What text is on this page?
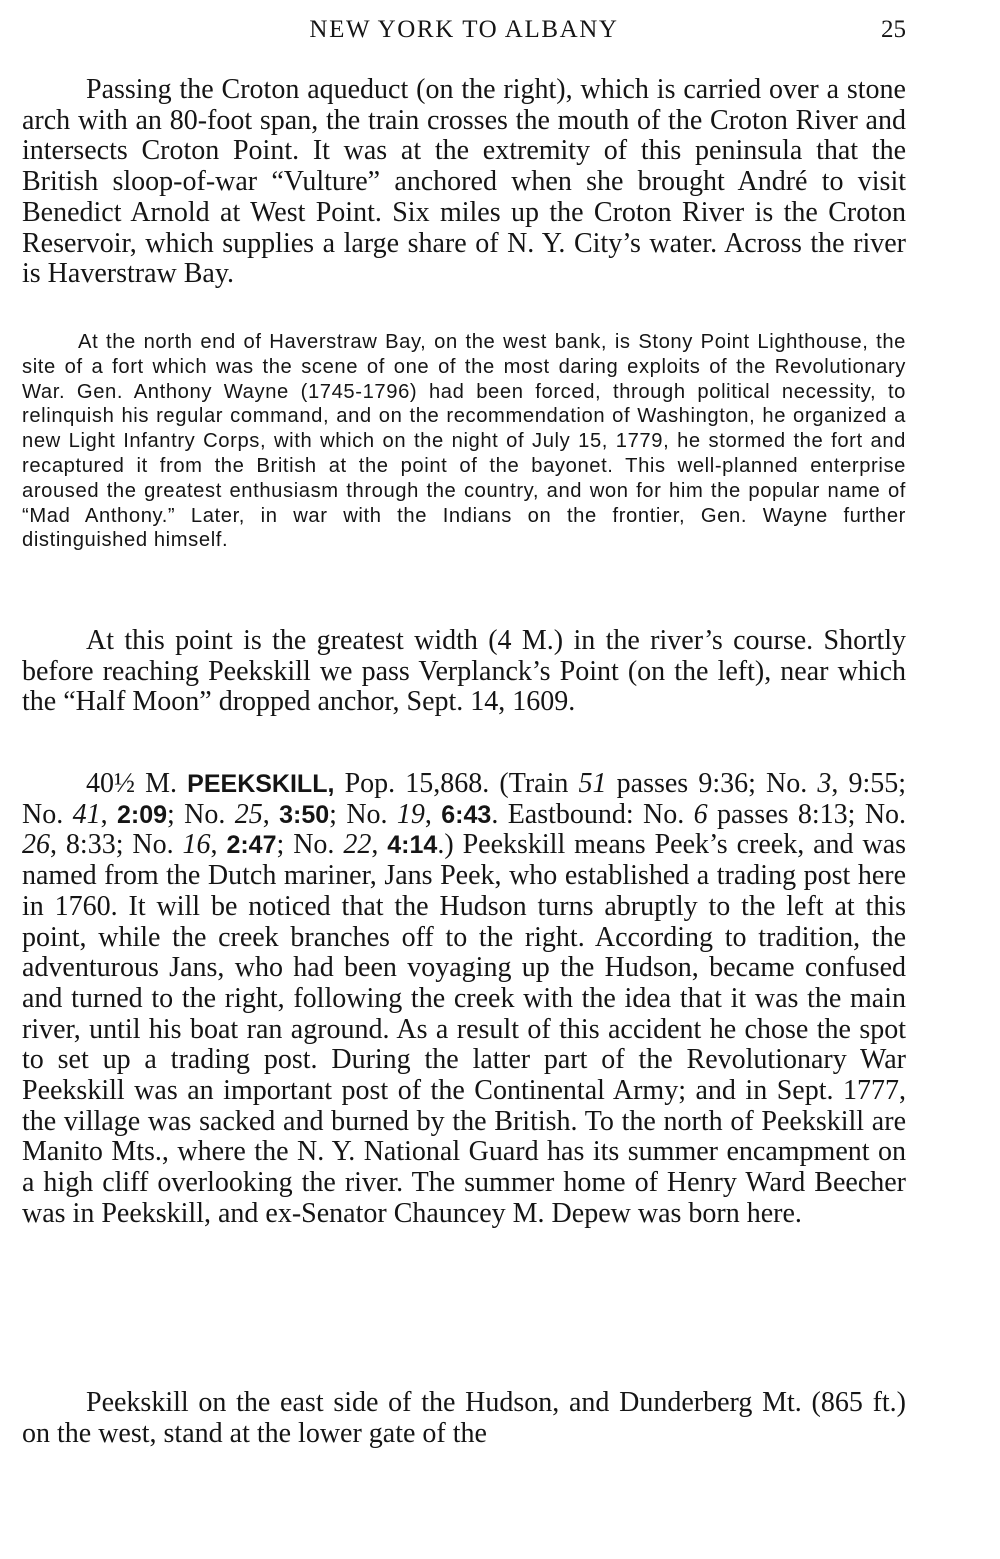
NEW YORK TO ALBANY	25

Passing the Croton aqueduct (on the right), which is carried over a stone arch with an 80-foot span, the train crosses the mouth of the Croton River and intersects Croton Point. It was at the extremity of this peninsula that the British sloop-of-war “Vulture” anchored when she brought André to visit Benedict Arnold at West Point. Six miles up the Croton River is the Croton Reservoir, which supplies a large share of N. Y. City’s water. Across the river is Haverstraw Bay.

At the north end of Haverstraw Bay, on the west bank, is Stony Point Lighthouse, the site of a fort which was the scene of one of the most daring exploits of the Revolutionary War. Gen. Anthony Wayne (1745-1796) had been forced, through political necessity, to relinquish his regular command, and on the recommendation of Washington, he organized a new Light Infantry Corps, with which on the night of July 15, 1779, he stormed the fort and recaptured it from the British at the point of the bayonet. This well-planned enterprise aroused the greatest enthusiasm through the country, and won for him the popular name of “Mad Anthony.” Later, in war with the Indians on the frontier, Gen. Wayne further distinguished himself.

At this point is the greatest width (4 M.) in the river’s course. Shortly before reaching Peekskill we pass Verplanck’s Point (on the left), near which the “Half Moon” dropped anchor, Sept. 14, 1609.

40½ M. PEEKSKILL, Pop. 15,868. (Train 51 passes 9:36; No. 3, 9:55; No. 41, 2:09; No. 25, 3:50; No. 19, 6:43. Eastbound: No. 6 passes 8:13; No. 26, 8:33; No. 16, 2:47; No. 22, 4:14.) Peekskill means Peek’s creek, and was named from the Dutch mariner, Jans Peek, who established a trading post here in 1760. It will be noticed that the Hudson turns abruptly to the left at this point, while the creek branches off to the right. According to tradition, the adventurous Jans, who had been voyaging up the Hudson, became confused and turned to the right, following the creek with the idea that it was the main river, until his boat ran aground. As a result of this accident he chose the spot to set up a trading post. During the latter part of the Revolutionary War Peekskill was an important post of the Continental Army; and in Sept. 1777, the village was sacked and burned by the British. To the north of Peekskill are Manito Mts., where the N. Y. National Guard has its summer encampment on a high cliff overlooking the river. The summer home of Henry Ward Beecher was in Peekskill, and ex-Senator Chauncey M. Depew was born here.

Peekskill on the east side of the Hudson, and Dunderberg Mt. (865 ft.) on the west, stand at the lower gate of the
